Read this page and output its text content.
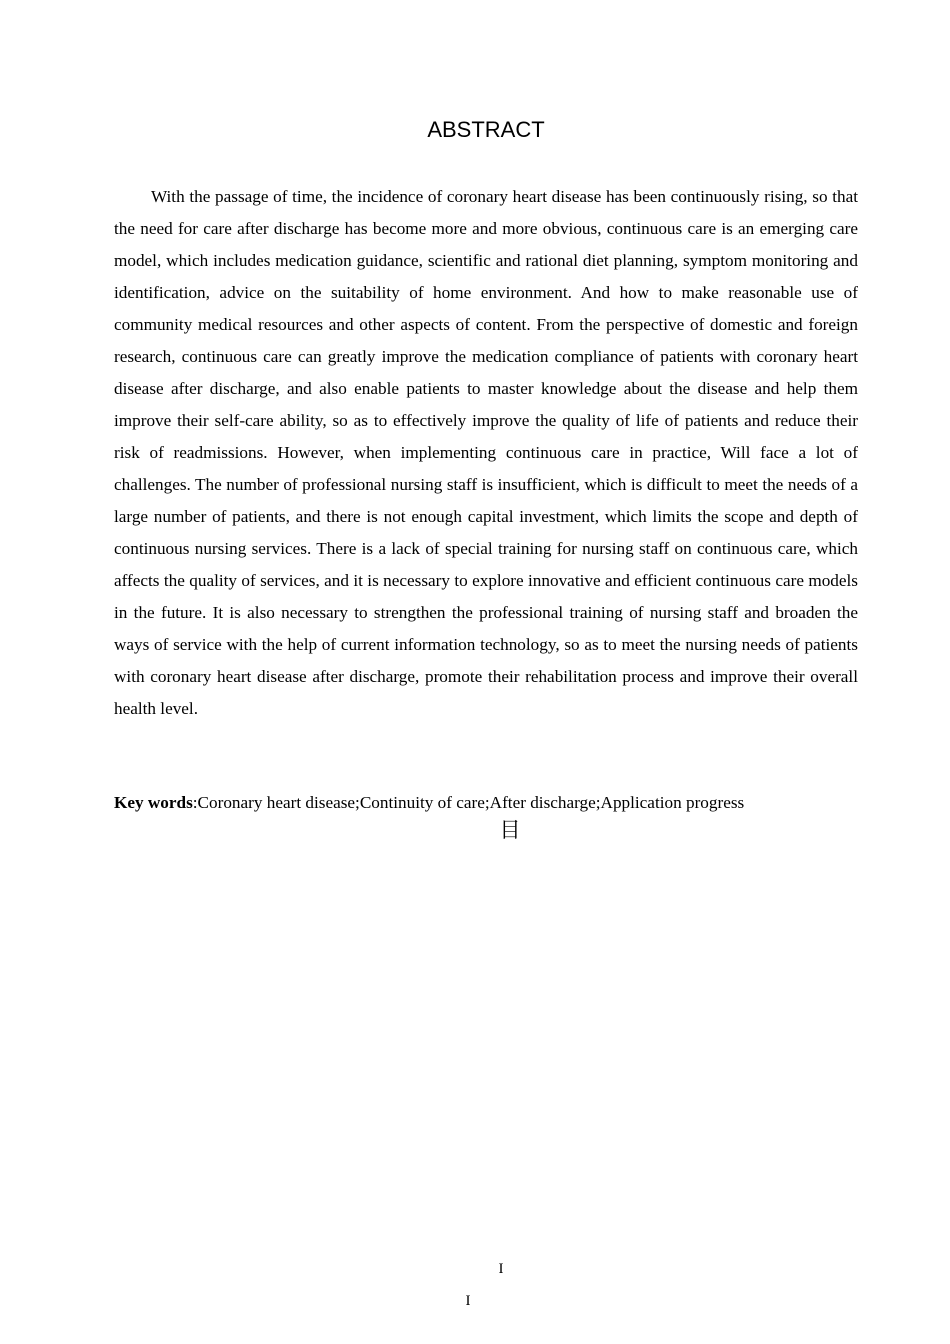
ABSTRACT

With the passage of time, the incidence of coronary heart disease has been continuously rising, so that the need for care after discharge has become more and more obvious, continuous care is an emerging care model, which includes medication guidance, scientific and rational diet planning, symptom monitoring and identification, advice on the suitability of home environment. And how to make reasonable use of community medical resources and other aspects of content. From the perspective of domestic and foreign research, continuous care can greatly improve the medication compliance of patients with coronary heart disease after discharge, and also enable patients to master knowledge about the disease and help them improve their self-care ability, so as to effectively improve the quality of life of patients and reduce their risk of readmissions. However, when implementing continuous care in practice, Will face a lot of challenges. The number of professional nursing staff is insufficient, which is difficult to meet the needs of a large number of patients, and there is not enough capital investment, which limits the scope and depth of continuous nursing services. There is a lack of special training for nursing staff on continuous care, which affects the quality of services, and it is necessary to explore innovative and efficient continuous care models in the future. It is also necessary to strengthen the professional training of nursing staff and broaden the ways of service with the help of current information technology, so as to meet the nursing needs of patients with coronary heart disease after discharge, promote their rehabilitation process and improve their overall health level.

Key words:Coronary heart disease;Continuity of care;After discharge;Application progress

目
I
I
